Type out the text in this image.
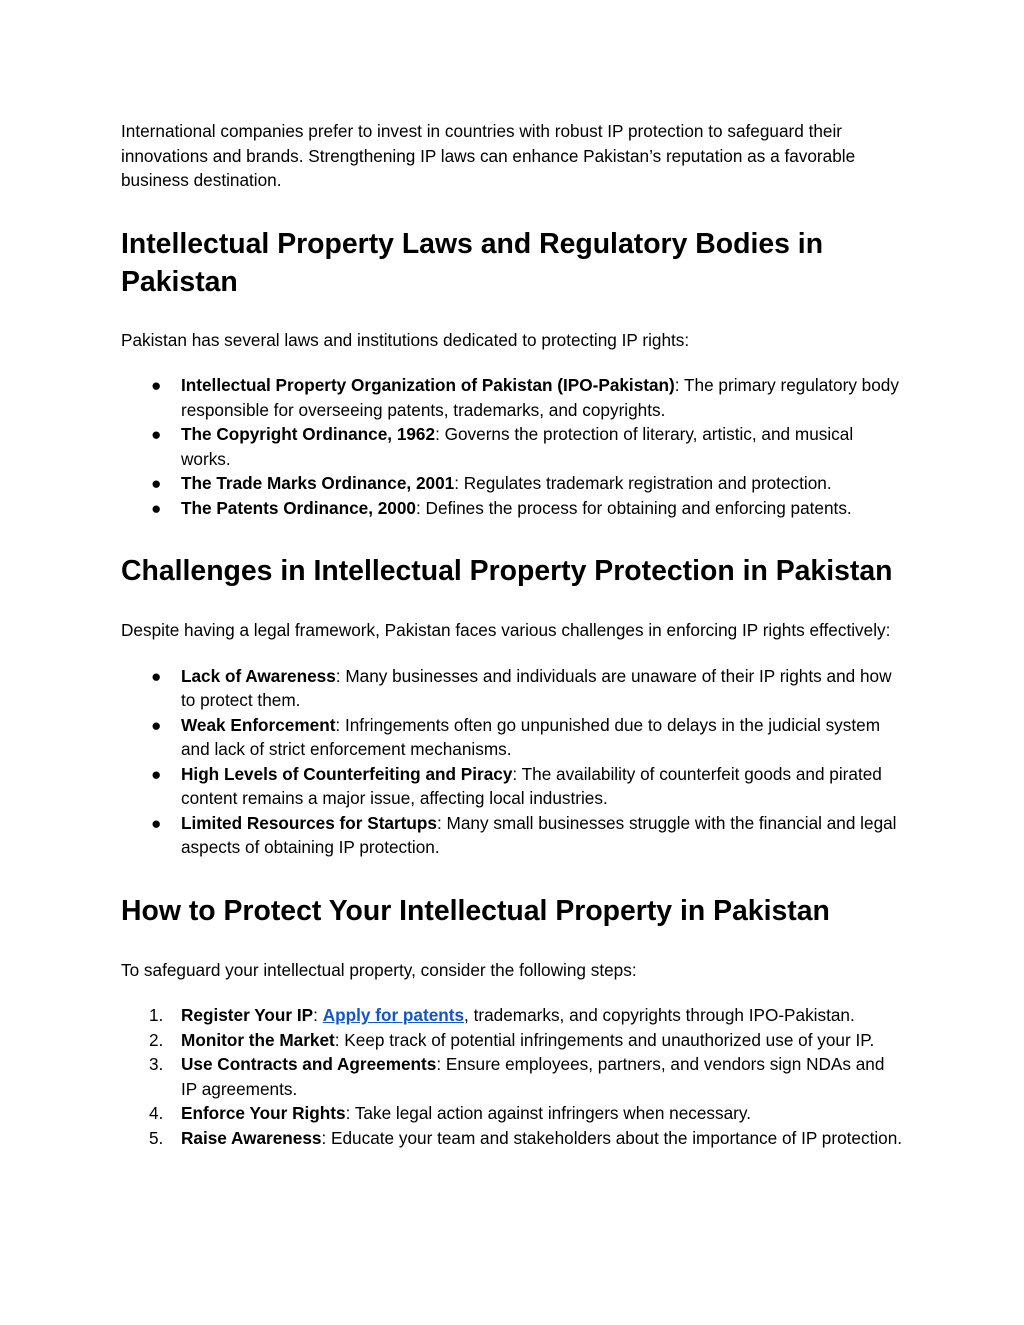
International companies prefer to invest in countries with robust IP protection to safeguard their innovations and brands. Strengthening IP laws can enhance Pakistan’s reputation as a favorable business destination.

Intellectual Property Laws and Regulatory Bodies in Pakistan

Pakistan has several laws and institutions dedicated to protecting IP rights:

● Intellectual Property Organization of Pakistan (IPO-Pakistan): The primary regulatory body responsible for overseeing patents, trademarks, and copyrights.
● The Copyright Ordinance, 1962: Governs the protection of literary, artistic, and musical works.
● The Trade Marks Ordinance, 2001: Regulates trademark registration and protection.
● The Patents Ordinance, 2000: Defines the process for obtaining and enforcing patents.
Challenges in Intellectual Property Protection in Pakistan

Despite having a legal framework, Pakistan faces various challenges in enforcing IP rights effectively:

● Lack of Awareness: Many businesses and individuals are unaware of their IP rights and how to protect them.
● Weak Enforcement: Infringements often go unpunished due to delays in the judicial system and lack of strict enforcement mechanisms.
● High Levels of Counterfeiting and Piracy: The availability of counterfeit goods and pirated content remains a major issue, affecting local industries.
● Limited Resources for Startups: Many small businesses struggle with the financial and legal aspects of obtaining IP protection.
How to Protect Your Intellectual Property in Pakistan

To safeguard your intellectual property, consider the following steps:

1. Register Your IP: Apply for patents, trademarks, and copyrights through IPO-Pakistan.
2. Monitor the Market: Keep track of potential infringements and unauthorized use of your IP.
3. Use Contracts and Agreements: Ensure employees, partners, and vendors sign NDAs and IP agreements.
4. Enforce Your Rights: Take legal action against infringers when necessary.
5. Raise Awareness: Educate your team and stakeholders about the importance of IP protection.
